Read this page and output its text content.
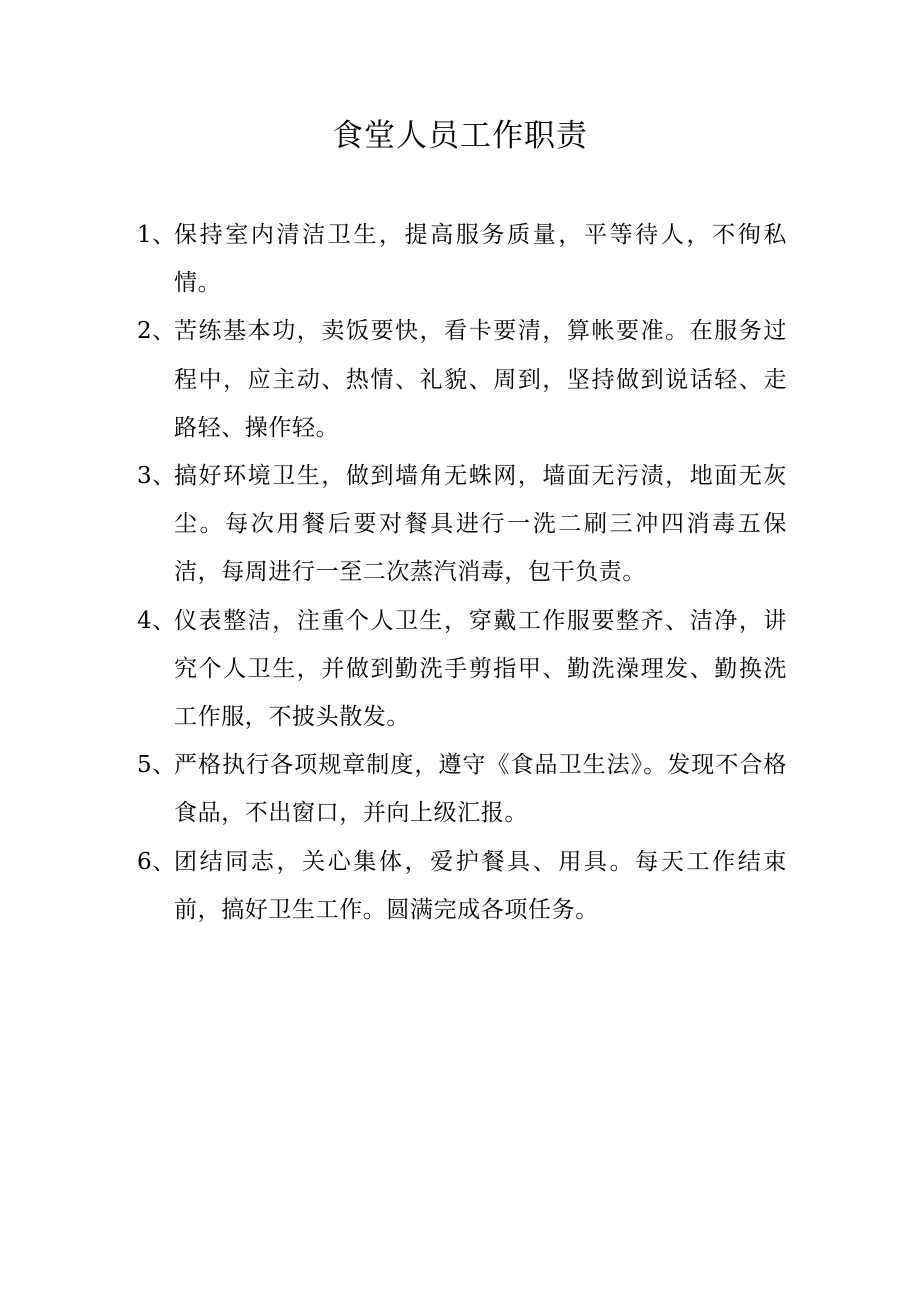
食堂人员工作职责
1、
保持室内清洁卫生，提高服务质量，平等待人，不徇私情。
2、
苦练基本功，卖饭要快，看卡要清，算帐要准。在服务过程中，应主动、热情、礼貌、周到，坚持做到说话轻、走路轻、操作轻。
3、
搞好环境卫生，做到墙角无蛛网，墙面无污渍，地面无灰尘。每次用餐后要对餐具进行一洗二刷三冲四消毒五保洁，每周进行一至二次蒸汽消毒，包干负责。
4、
仪表整洁，注重个人卫生，穿戴工作服要整齐、洁净，讲究个人卫生，并做到勤洗手剪指甲、勤洗澡理发、勤换洗工作服，不披头散发。
5、
严格执行各项规章制度，遵守《食品卫生法》。发现不合格食品，不出窗口，并向上级汇报。
6、
团结同志，关心集体，爱护餐具、用具。每天工作结束前，搞好卫生工作。圆满完成各项任务。
